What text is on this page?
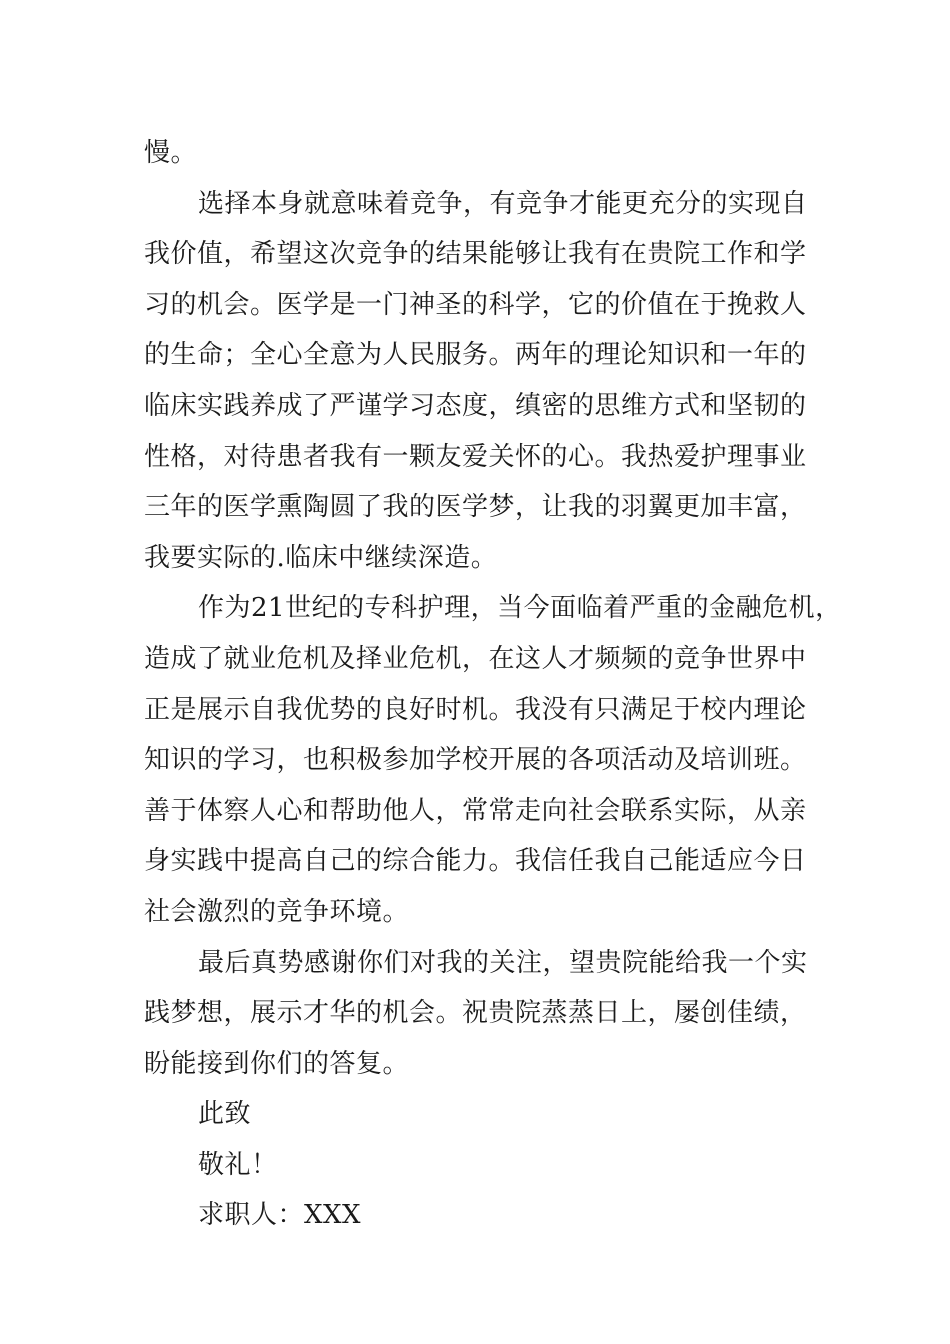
慢。
选择本身就意味着竞争，有竞争才能更充分的实现自
我价值，希望这次竞争的结果能够让我有在贵院工作和学
习的机会。医学是一门神圣的科学，它的价值在于挽救人
的生命；全心全意为人民服务。两年的理论知识和一年的
临床实践养成了严谨学习态度，缜密的思维方式和坚韧的
性格，对待患者我有一颗友爱关怀的心。我热爱护理事业
三年的医学熏陶圆了我的医学梦，让我的羽翼更加丰富，
我要实际的.临床中继续深造。
作为21世纪的专科护理，当今面临着严重的金融危机，
造成了就业危机及择业危机，在这人才频频的竞争世界中
正是展示自我优势的良好时机。我没有只满足于校内理论
知识的学习，也积极参加学校开展的各项活动及培训班。
善于体察人心和帮助他人，常常走向社会联系实际，从亲
身实践中提高自己的综合能力。我信任我自己能适应今日
社会激烈的竞争环境。
最后真势感谢你们对我的关注，望贵院能给我一个实
践梦想，展示才华的机会。祝贵院蒸蒸日上，屡创佳绩，
盼能接到你们的答复。
此致
敬礼！
求职人：XXX
